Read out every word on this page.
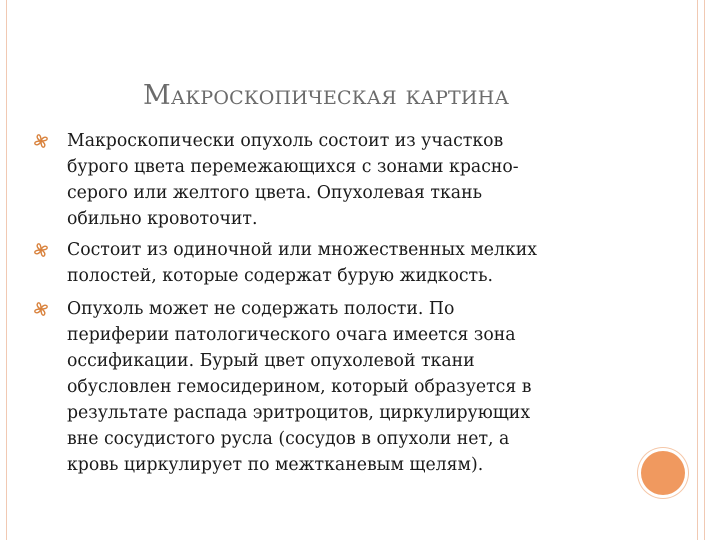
Макроскопическая картина
Макроскопически опухоль состоит из участков
бурого цвета перемежающихся с зонами красно-
серого или желтого цвета. Опухолевая ткань
обильно кровоточит.
Состоит из одиночной или множественных мелких
полостей, которые содержат бурую жидкость.
Опухоль может не содержать полости. По
периферии патологического очага имеется зона
оссификации. Бурый цвет опухолевой ткани
обусловлен гемосидерином, который образуется в
результате распада эритроцитов, циркулирующих
вне сосудистого русла (сосудов в опухоли нет, а
кровь циркулирует по межтканевым щелям).
